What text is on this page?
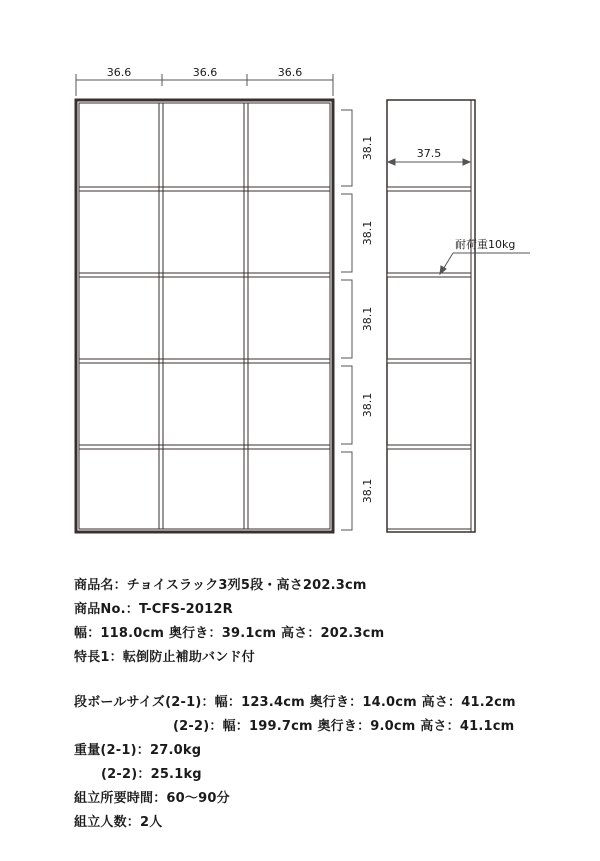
36.6	36.6	36.6
38.1
38.1
38.1
38.1
38.1
37.5
耐荷重10kg
商品名：チョイスラック3列5段・高さ202.3cm
商品No.：T-CFS-2012R
幅：118.0cm 奥行き：39.1cm 高さ：202.3cm
特長1：転倒防止補助バンド付
段ボールサイズ(2-1)：幅：123.4cm 奥行き：14.0cm 高さ：41.2cm
(2-2)：幅：199.7cm 奥行き：9.0cm 高さ：41.1cm
重量(2-1)：27.0kg
(2-2)：25.1kg
組立所要時間：60〜90分
組立人数：2人
